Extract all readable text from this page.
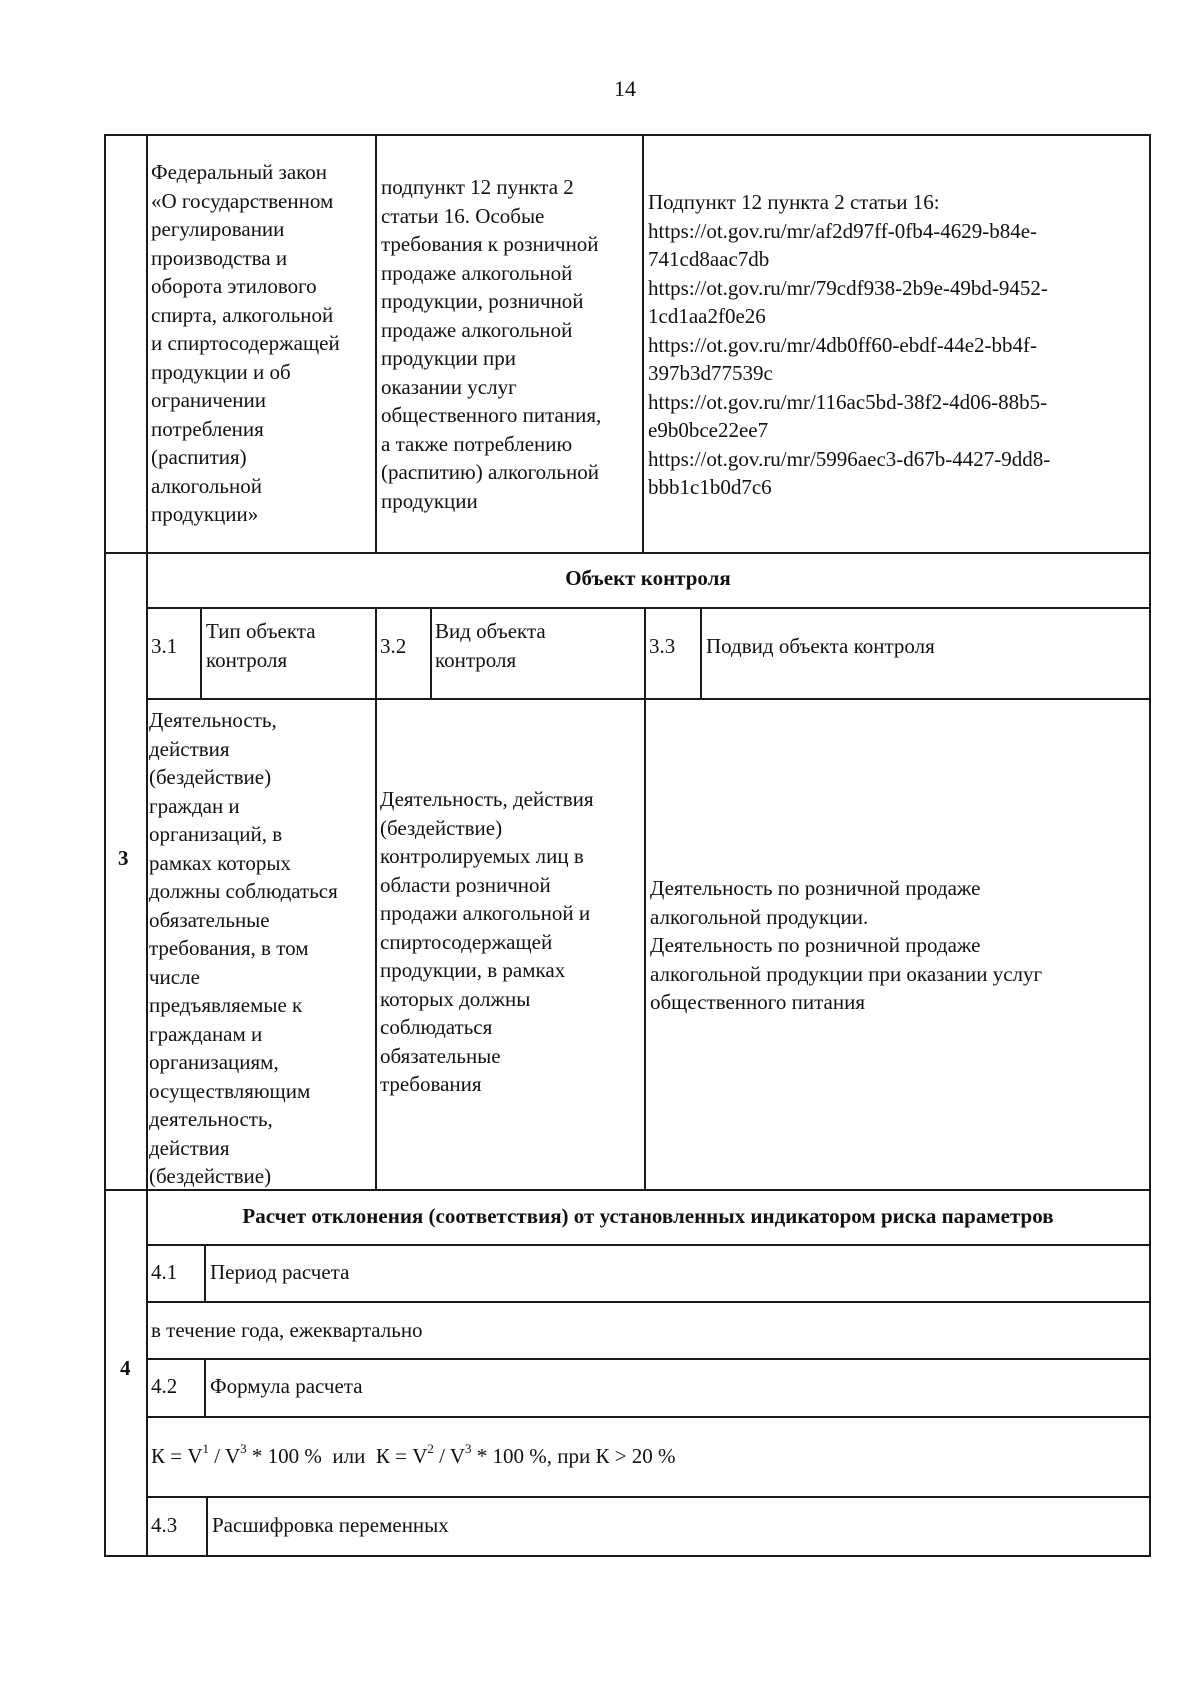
14
Федеральный закон
«О государственном
регулировании
производства и
оборота этилового
спирта, алкогольной
и спиртосодержащей
продукции и об
ограничении
потребления
(распития)
алкогольной
продукции»
подпункт 12 пункта 2
статьи 16. Особые
требования к розничной
продаже алкогольной
продукции, розничной
продаже алкогольной
продукции при
оказании услуг
общественного питания,
а также потреблению
(распитию) алкогольной
продукции
Подпункт 12 пункта 2 статьи 16:
https://ot.gov.ru/mr/af2d97ff-0fb4-4629-b84e-
741cd8aac7db
https://ot.gov.ru/mr/79cdf938-2b9e-49bd-9452-
1cd1aa2f0e26
https://ot.gov.ru/mr/4db0ff60-ebdf-44e2-bb4f-
397b3d77539c
https://ot.gov.ru/mr/116ac5bd-38f2-4d06-88b5-
e9b0bce22ee7
https://ot.gov.ru/mr/5996aec3-d67b-4427-9dd8-
bbb1c1b0d7c6
3
Объект контроля
3.1
Тип объекта
контроля
3.2
Вид объекта
контроля
3.3 Подвид объекта контроля
Деятельность,
действия
(бездействие)
граждан и
организаций, в
рамках которых
должны соблюдаться
обязательные
требования, в том
числе
предъявляемые к
гражданам и
организациям,
осуществляющим
деятельность,
действия
(бездействие)
Деятельность, действия
(бездействие)
контролируемых лиц в
области розничной
продажи алкогольной и
спиртосодержащей
продукции, в рамках
которых должны
соблюдаться
обязательные
требования
Деятельность по розничной продаже
алкогольной продукции.
Деятельность по розничной продаже
алкогольной продукции при оказании услуг
общественного питания
4
Расчет отклонения (соответствия) от установленных индикатором риска параметров
4.1 Период расчета
в течение года, ежеквартально
4.2 Формула расчета
$К = V^1 / V^3 * 100$ %  или  $К = V^2 / V^3 * 100$ %, при К > 20 %
4.3 Расшифровка переменных
